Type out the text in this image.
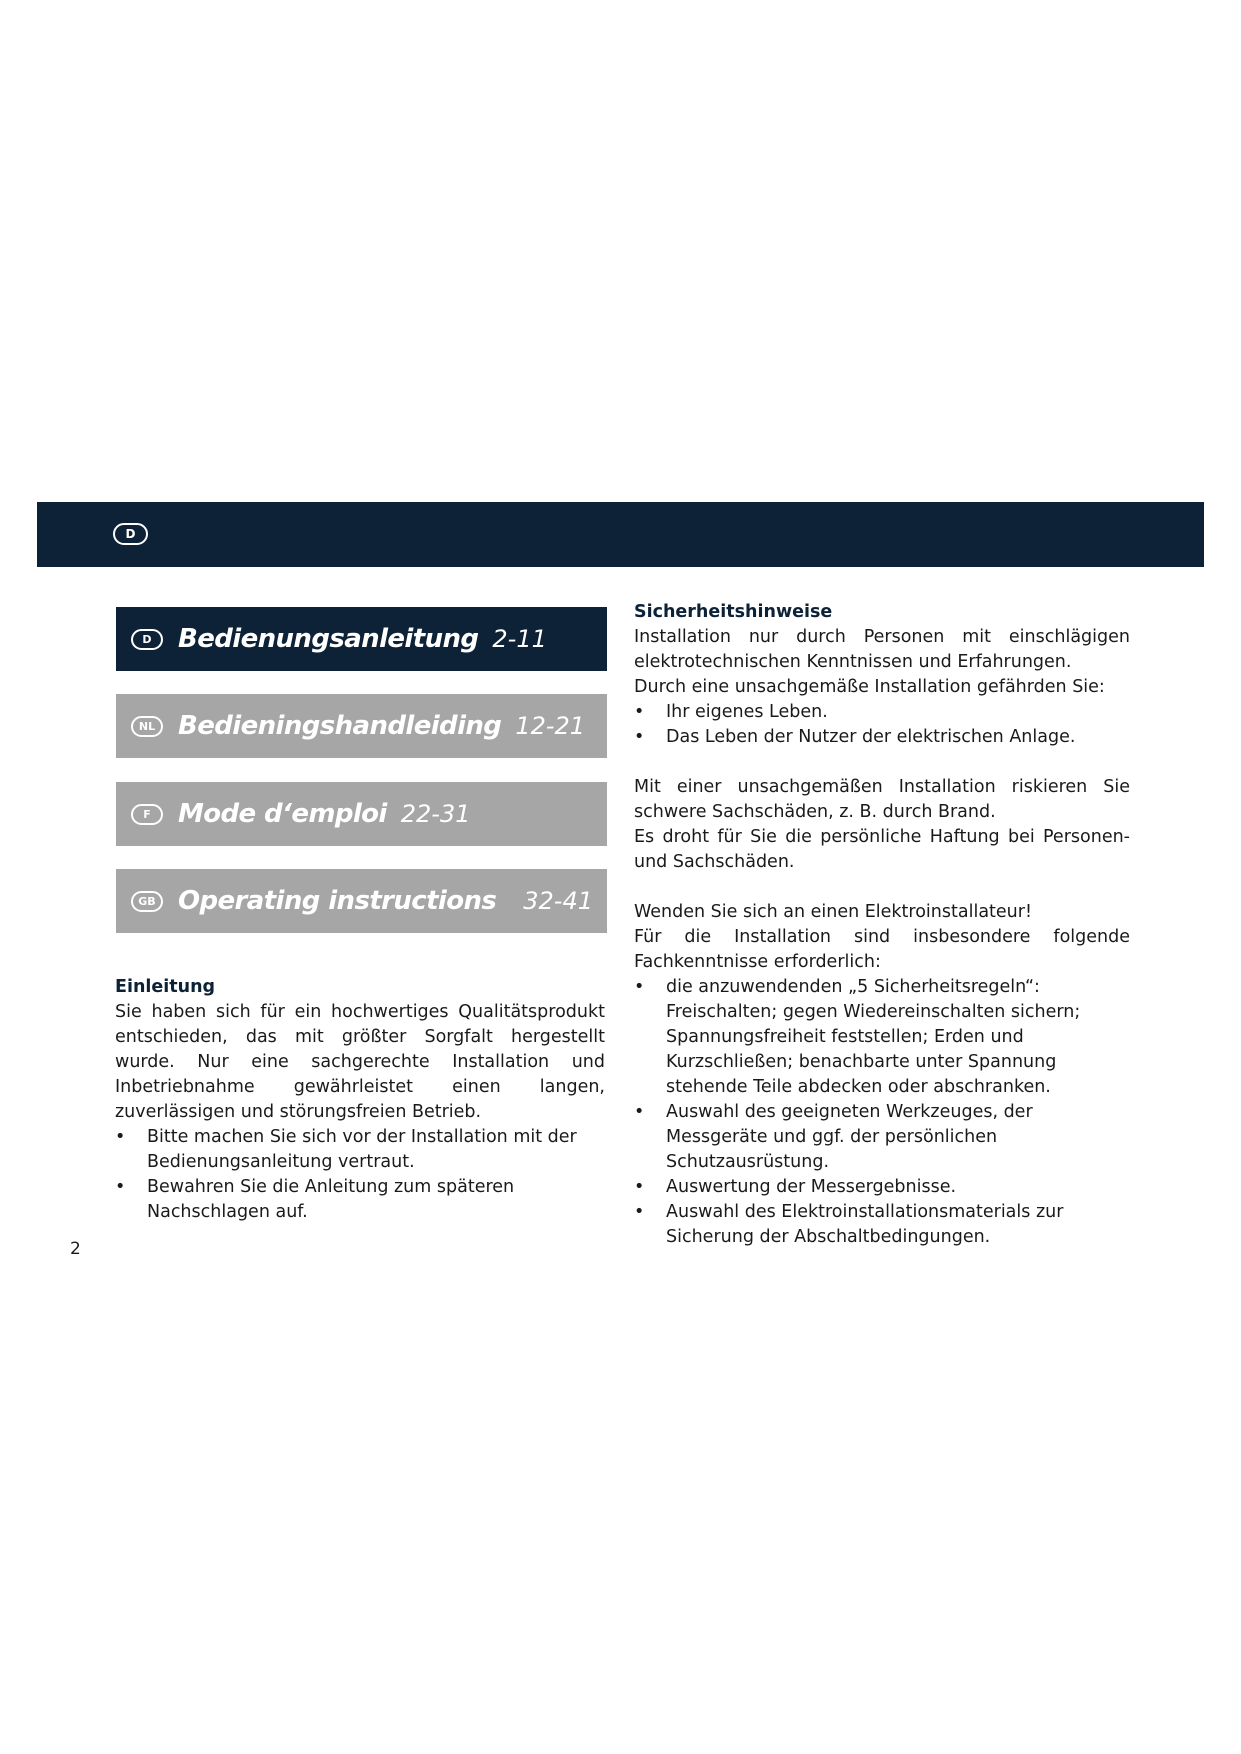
D
D	Bedienungsanleitung 2-11
NL Bedieningshandleiding 12-21
F	Mode d‘emploi 22-31
GB Operating instructions 32-41

Einleitung

Sie haben sich für ein hochwertiges Qualitätsprodukt entschieden, das mit größter Sorgfalt hergestellt wurde. Nur eine sachgerechte Installation und Inbetriebnahme gewährleistet einen langen, zuverlässigen und störungsfreien Betrieb.

• Bitte machen Sie sich vor der Installation mit der Bedienungsanleitung vertraut.
• Bewahren Sie die Anleitung zum späteren Nachschlagen auf.

Sicherheitshinweise

Installation nur durch Personen mit einschlägigen elektrotechnischen Kenntnissen und Erfahrungen.

Durch eine unsachgemäße Installation gefährden Sie:

• Ihr eigenes Leben.
• Das Leben der Nutzer der elektrischen Anlage.

Mit einer unsachgemäßen Installation riskieren Sie schwere Sachschäden, z. B. durch Brand.

Es droht für Sie die persönliche Haftung bei Personen- und Sachschäden.

Wenden Sie sich an einen Elektroinstallateur!

Für die Installation sind insbesondere folgende Fachkenntnisse erforderlich:

• die anzuwendenden „5 Sicherheitsregeln“: Freischalten; gegen Wiedereinschalten sichern; Spannungsfreiheit feststellen; Erden und Kurzschließen; benachbarte unter Spannung stehende Teile abdecken oder abschranken.
• Auswahl des geeigneten Werkzeuges, der Messgeräte und ggf. der persönlichen Schutzausrüstung.
• Auswertung der Messergebnisse.
• Auswahl des Elektroinstallationsmaterials zur Sicherung der Abschaltbedingungen.
2
